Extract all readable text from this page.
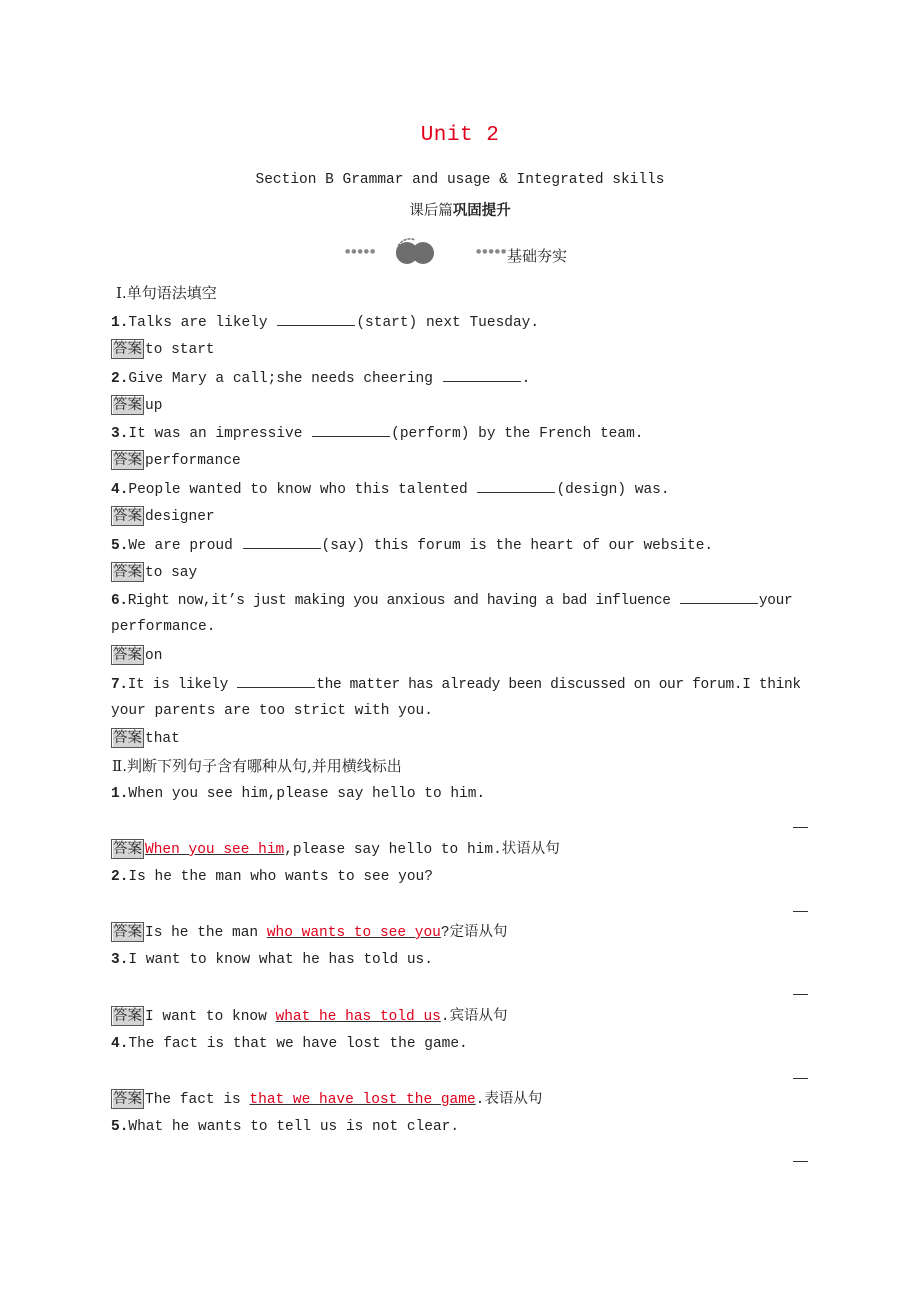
Unit 2
Section B Grammar and usage & Integrated skills
课后篇巩固提升
●●●●●	●●●●● 基础夯实
Ⅰ.单句语法填空
1.Talks are likely	(start) next Tuesday.
答案 to start
2.Give Mary a call;she needs cheering	.
答案 up
3.It was an impressive	(perform) by the French team.
答案 performance
4.People wanted to know who this talented	(design) was.
答案 designer
5.We are proud	(say) this forum is the heart of our website.
答案 to say
6.Right now,it’s just making you anxious and having a bad influence	your
performance.
答案 on
7.It is likely	the matter has already been discussed on our forum.I think
your parents are too strict with you.
答案 that
Ⅱ.判断下列句子含有哪种从句,并用横线标出
1.When you see him,please say hello to him.
答案 When you see him,please say hello to him.状语从句
2.Is he the man who wants to see you?
答案 Is he the man who wants to see you?定语从句
3.I want to know what he has told us.
答案 I want to know what he has told us.宾语从句
4.The fact is that we have lost the game.
答案 The fact is that we have lost the game.表语从句
5.What he wants to tell us is not clear.
